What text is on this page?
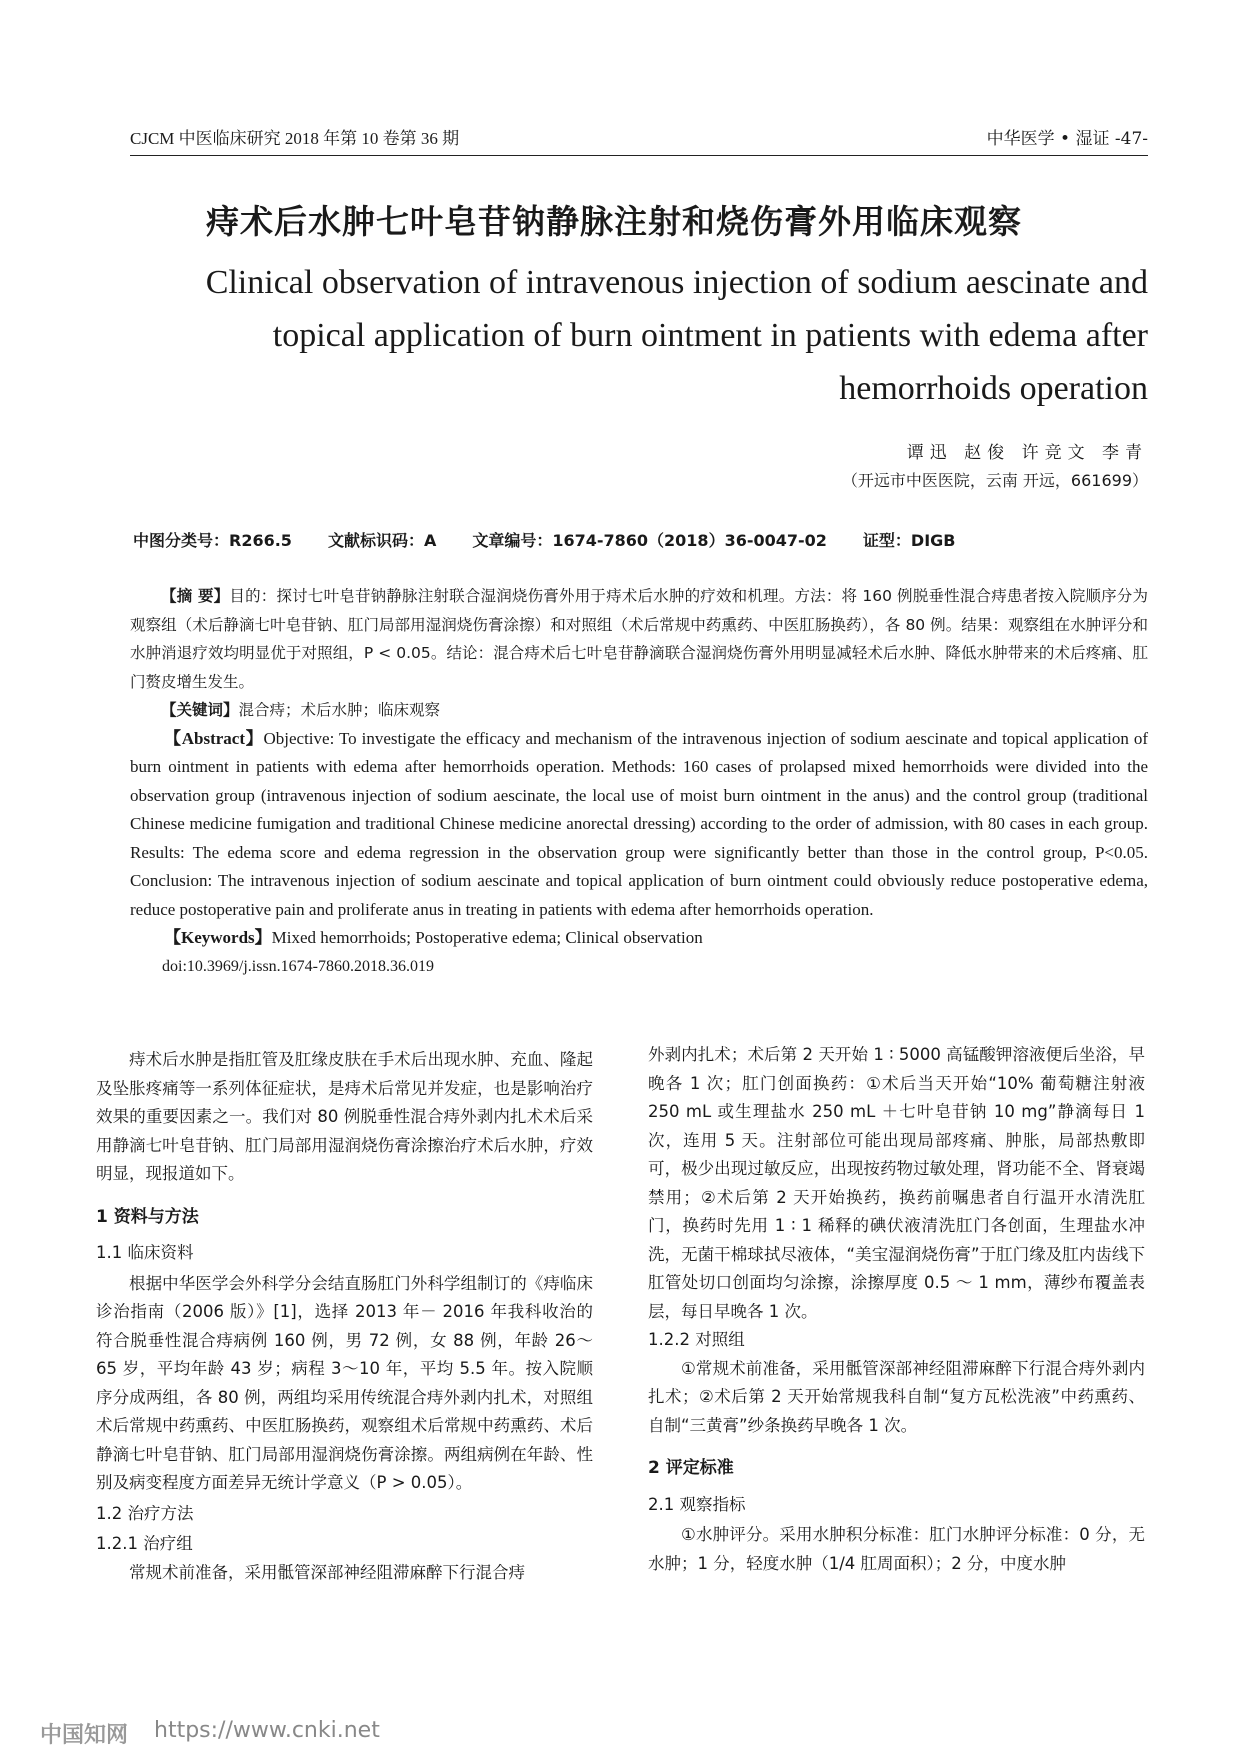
CJCM 中医临床研究 2018 年第 10 卷第 36 期	中华医学 • 湿证 -47-
痔术后水肿七叶皂苷钠静脉注射和烧伤膏外用临床观察
Clinical observation of intravenous injection of sodium aescinate and topical application of burn ointment in patients with edema after hemorrhoids operation
谭迅 赵俊 许竞文 李青
（开远市中医医院，云南 开远，661699）
中图分类号：R266.5 文献标识码：A 文章编号：1674-7860（2018）36-0047-02 证型：DIGB

【摘 要】目的：探讨七叶皂苷钠静脉注射联合湿润烧伤膏外用于痔术后水肿的疗效和机理。方法：将 160 例脱垂性混合痔患者按入院顺序分为观察组（术后静滴七叶皂苷钠、肛门局部用湿润烧伤膏涂擦）和对照组（术后常规中药熏药、中医肛肠换药），各 80 例。结果：观察组在水肿评分和水肿消退疗效均明显优于对照组，P < 0.05。结论：混合痔术后七叶皂苷静滴联合湿润烧伤膏外用明显减轻术后水肿、降低水肿带来的术后疼痛、肛门赘皮增生发生。

【关键词】混合痔；术后水肿；临床观察

【Abstract】Objective: To investigate the efficacy and mechanism of the intravenous injection of sodium aescinate and topical application of burn ointment in patients with edema after hemorrhoids operation. Methods: 160 cases of prolapsed mixed hemorrhoids were divided into the observation group (intravenous injection of sodium aescinate, the local use of moist burn ointment in the anus) and the control group (traditional Chinese medicine fumigation and traditional Chinese medicine anorectal dressing) according to the order of admission, with 80 cases in each group. Results: The edema score and edema regression in the observation group were significantly better than those in the control group, P<0.05. Conclusion: The intravenous injection of sodium aescinate and topical application of burn ointment could obviously reduce postoperative edema, reduce postoperative pain and proliferate anus in treating in patients with edema after hemorrhoids operation.

【Keywords】Mixed hemorrhoids; Postoperative edema; Clinical observation

doi:10.3969/j.issn.1674-7860.2018.36.019

痔术后水肿是指肛管及肛缘皮肤在手术后出现水肿、充血、隆起及坠胀疼痛等一系列体征症状，是痔术后常见并发症，也是影响治疗效果的重要因素之一。我们对 80 例脱垂性混合痔外剥内扎术术后采用静滴七叶皂苷钠、肛门局部用湿润烧伤膏涂擦治疗术后水肿，疗效明显，现报道如下。

1 资料与方法
1.1 临床资料

根据中华医学会外科学分会结直肠肛门外科学组制订的《痔临床诊治指南（2006 版）》[1]，选择 2013 年－ 2016 年我科收治的符合脱垂性混合痔病例 160 例，男 72 例，女 88 例，年龄 26～65 岁，平均年龄 43 岁；病程 3～10 年，平均 5.5 年。按入院顺序分成两组，各 80 例，两组均采用传统混合痔外剥内扎术，对照组术后常规中药熏药、中医肛肠换药，观察组术后常规中药熏药、术后静滴七叶皂苷钠、肛门局部用湿润烧伤膏涂擦。两组病例在年龄、性别及病变程度方面差异无统计学意义（P > 0.05）。

1.2 治疗方法
1.2.1 治疗组

常规术前准备，采用骶管深部神经阻滞麻醉下行混合痔

外剥内扎术；术后第 2 天开始 1 ∶ 5000 高锰酸钾溶液便后坐浴，早晚各 1 次；肛门创面换药：①术后当天开始“10% 葡萄糖注射液 250 mL 或生理盐水 250 mL ＋七叶皂苷钠 10 mg”静滴每日 1 次，连用 5 天。注射部位可能出现局部疼痛、肿胀，局部热敷即可，极少出现过敏反应，出现按药物过敏处理，肾功能不全、肾衰竭禁用；②术后第 2 天开始换药，换药前嘱患者自行温开水清洗肛门，换药时先用 1 ∶ 1 稀释的碘伏液清洗肛门各创面，生理盐水冲洗，无菌干棉球拭尽液体，“美宝湿润烧伤膏”于肛门缘及肛内齿线下肛管处切口创面均匀涂擦，涂擦厚度 0.5 ～ 1 mm，薄纱布覆盖表层，每日早晚各 1 次。

1.2.2 对照组

①常规术前准备，采用骶管深部神经阻滞麻醉下行混合痔外剥内扎术；②术后第 2 天开始常规我科自制“复方瓦松洗液”中药熏药、自制“三黄膏”纱条换药早晚各 1 次。

2 评定标准
2.1 观察指标

①水肿评分。采用水肿积分标准：肛门水肿评分标准：0 分，无水肿；1 分，轻度水肿（1/4 肛周面积）；2 分，中度水肿

中国知网 https://www.cnki.net
